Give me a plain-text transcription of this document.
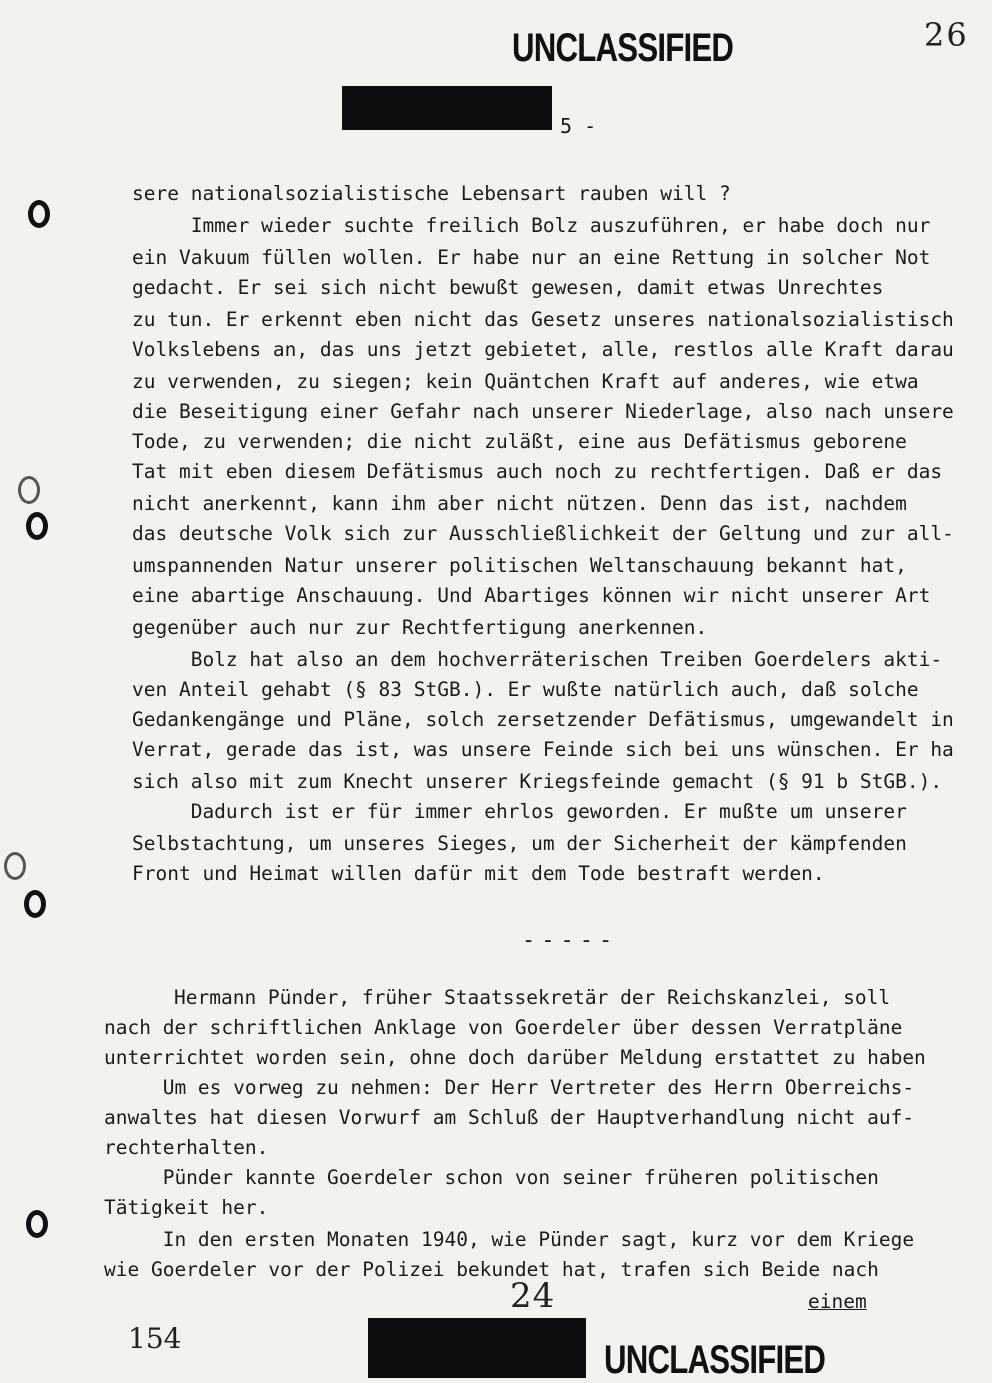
UNCLASSIFIED	26
5 -
sere nationalsozialistische Lebensart rauben will ?
Immer wieder suchte freilich Bolz auszuführen, er habe doch nur
ein Vakuum füllen wollen. Er habe nur an eine Rettung in solcher Not
gedacht. Er sei sich nicht bewußt gewesen, damit etwas Unrechtes
zu tun. Er erkennt eben nicht das Gesetz unseres nationalsozialistisch
Volkslebens an, das uns jetzt gebietet, alle, restlos alle Kraft darau
zu verwenden, zu siegen; kein Quäntchen Kraft auf anderes, wie etwa
die Beseitigung einer Gefahr nach unserer Niederlage, also nach unsere
Tode, zu verwenden; die nicht zuläßt, eine aus Defätismus geborene
Tat mit eben diesem Defätismus auch noch zu rechtfertigen. Daß er das
nicht anerkennt, kann ihm aber nicht nützen. Denn das ist, nachdem
das deutsche Volk sich zur Ausschließlichkeit der Geltung und zur all-
umspannenden Natur unserer politischen Weltanschauung bekannt hat,
eine abartige Anschauung. Und Abartiges können wir nicht unserer Art
gegenüber auch nur zur Rechtfertigung anerkennen.
Bolz hat also an dem hochverräterischen Treiben Goerdelers akti-
ven Anteil gehabt (§ 83 StGB.). Er wußte natürlich auch, daß solche
Gedankengänge und Pläne, solch zersetzender Defätismus, umgewandelt in
Verrat, gerade das ist, was unsere Feinde sich bei uns wünschen. Er ha
sich also mit zum Knecht unserer Kriegsfeinde gemacht (§ 91 b StGB.).
Dadurch ist er für immer ehrlos geworden. Er mußte um unserer
Selbstachtung, um unseres Sieges, um der Sicherheit der kämpfenden
Front und Heimat willen dafür mit dem Tode bestraft werden.
-----
Hermann Pünder, früher Staatssekretär der Reichskanzlei, soll
nach der schriftlichen Anklage von Goerdeler über dessen Verratpläne
unterrichtet worden sein, ohne doch darüber Meldung erstattet zu haben
Um es vorweg zu nehmen: Der Herr Vertreter des Herrn Oberreichs-
anwaltes hat diesen Vorwurf am Schluß der Hauptverhandlung nicht auf-
rechterhalten.
Pünder kannte Goerdeler schon von seiner früheren politischen
Tätigkeit her.
In den ersten Monaten 1940, wie Pünder sagt, kurz vor dem Kriege
wie Goerdeler vor der Polizei bekundet hat, trafen sich Beide nach
einem
24
154	UNCLASSIFIED
